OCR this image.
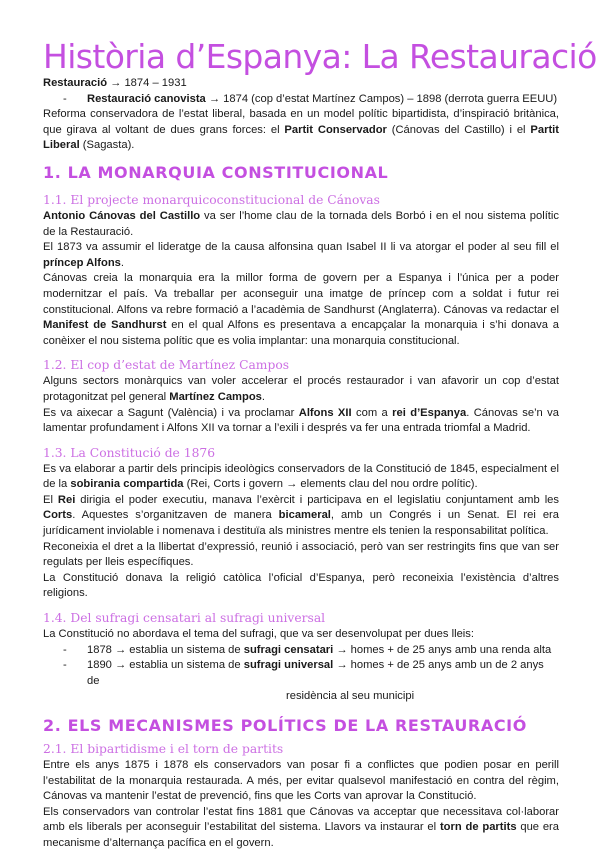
Història d’Espanya: La Restauració

Restauració → 1874 – 1931

-	Restauració canovista → 1874 (cop d’estat Martínez Campos) – 1898 (derrota guerra EEUU)

Reforma conservadora de l’estat liberal, basada en un model polític bipartidista, d’inspiració britànica, que girava al voltant de dues grans forces: el Partit Conservador (Cánovas del Castillo) i el Partit Liberal (Sagasta).

1. LA MONARQUIA CONSTITUCIONAL
1.1. El projecte monarquicoconstitucional de Cánovas

Antonio Cánovas del Castillo va ser l’home clau de la tornada dels Borbó i en el nou sistema polític de la Restauració.

El 1873 va assumir el lideratge de la causa alfonsina quan Isabel II li va atorgar el poder al seu fill el príncep Alfons.

Cánovas creia la monarquia era la millor forma de govern per a Espanya i l’única per a poder modernitzar el país. Va treballar per aconseguir una imatge de príncep com a soldat i futur rei constitucional. Alfons va rebre formació a l’acadèmia de Sandhurst (Anglaterra). Cánovas va redactar el Manifest de Sandhurst en el qual Alfons es presentava a encapçalar la monarquia i s’hi donava a conèixer el nou sistema polític que es volia implantar: una monarquia constitucional.

1.2. El cop d’estat de Martínez Campos

Alguns sectors monàrquics van voler accelerar el procés restaurador i van afavorir un cop d’estat protagonitzat pel general Martínez Campos.

Es va aixecar a Sagunt (València) i va proclamar Alfons XII com a rei d’Espanya. Cánovas se’n va lamentar profundament i Alfons XII va tornar a l’exili i després va fer una entrada triomfal a Madrid.

1.3. La Constitució de 1876

Es va elaborar a partir dels principis ideològics conservadors de la Constitució de 1845, especialment el de la sobirania compartida (Rei, Corts i govern → elements clau del nou ordre polític).

El Rei dirigia el poder executiu, manava l’exèrcit i participava en el legislatiu conjuntament amb les Corts. Aquestes s’organitzaven de manera bicameral, amb un Congrés i un Senat. El rei era jurídicament inviolable i nomenava i destituïa als ministres mentre els tenien la responsabilitat política.

Reconeixia el dret a la llibertat d’expressió, reunió i associació, però van ser restringits fins que van ser regulats per lleis específiques.

La Constitució donava la religió catòlica l’oficial d’Espanya, però reconeixia l’existència d’altres religions.

1.4. Del sufragi censatari al sufragi universal

La Constitució no abordava el tema del sufragi, que va ser desenvolupat per dues lleis:

-	1878 → establia un sistema de sufragi censatari → homes + de 25 anys amb una renda alta
-	1890 → establia un sistema de sufragi universal → homes + de 25 anys amb un de 2 anys de

residència al seu municipi

2. ELS MECANISMES POLÍTICS DE LA RESTAURACIÓ
2.1. El bipartidisme i el torn de partits

Entre els anys 1875 i 1878 els conservadors van posar fi a conflictes que podien posar en perill l’estabilitat de la monarquia restaurada. A més, per evitar qualsevol manifestació en contra del règim, Cánovas va mantenir l’estat de prevenció, fins que les Corts van aprovar la Constitució.

Els conservadors van controlar l’estat fins 1881 que Cánovas va acceptar que necessitava col·laborar amb els liberals per aconseguir l’estabilitat del sistema. Llavors va instaurar el torn de partits que era mecanisme d’alternança pacífica en el govern.
